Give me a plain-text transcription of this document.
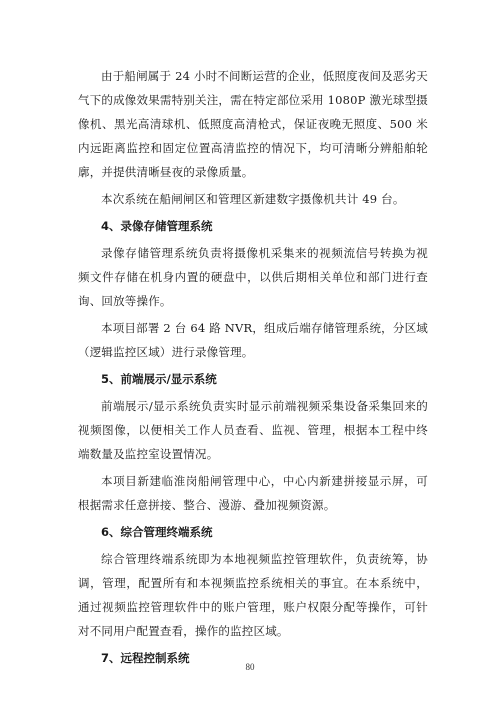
由于船闸属于 24 小时不间断运营的企业，低照度夜间及恶劣天气下的成像效果需特别关注，需在特定部位采用 1080P 激光球型摄像机、黑光高清球机、低照度高清枪式，保证夜晚无照度、500 米内远距离监控和固定位置高清监控的情况下，均可清晰分辨船舶轮廓，并提供清晰昼夜的录像质量。

本次系统在船闸闸区和管理区新建数字摄像机共计 49 台。

4、录像存储管理系统

录像存储管理系统负责将摄像机采集来的视频流信号转换为视频文件存储在机身内置的硬盘中，以供后期相关单位和部门进行查询、回放等操作。

本项目部署 2 台 64 路 NVR，组成后端存储管理系统，分区域（逻辑监控区域）进行录像管理。

5、前端展示/显示系统

前端展示/显示系统负责实时显示前端视频采集设备采集回来的视频图像，以便相关工作人员查看、监视、管理，根据本工程中终端数量及监控室设置情况。

本项目新建临淮岗船闸管理中心，中心内新建拼接显示屏，可根据需求任意拼接、整合、漫游、叠加视频资源。

6、综合管理终端系统

综合管理终端系统即为本地视频监控管理软件，负责统筹，协调，管理，配置所有和本视频监控系统相关的事宜。在本系统中，通过视频监控管理软件中的账户管理，账户权限分配等操作，可针对不同用户配置查看，操作的监控区域。

7、远程控制系统

80
